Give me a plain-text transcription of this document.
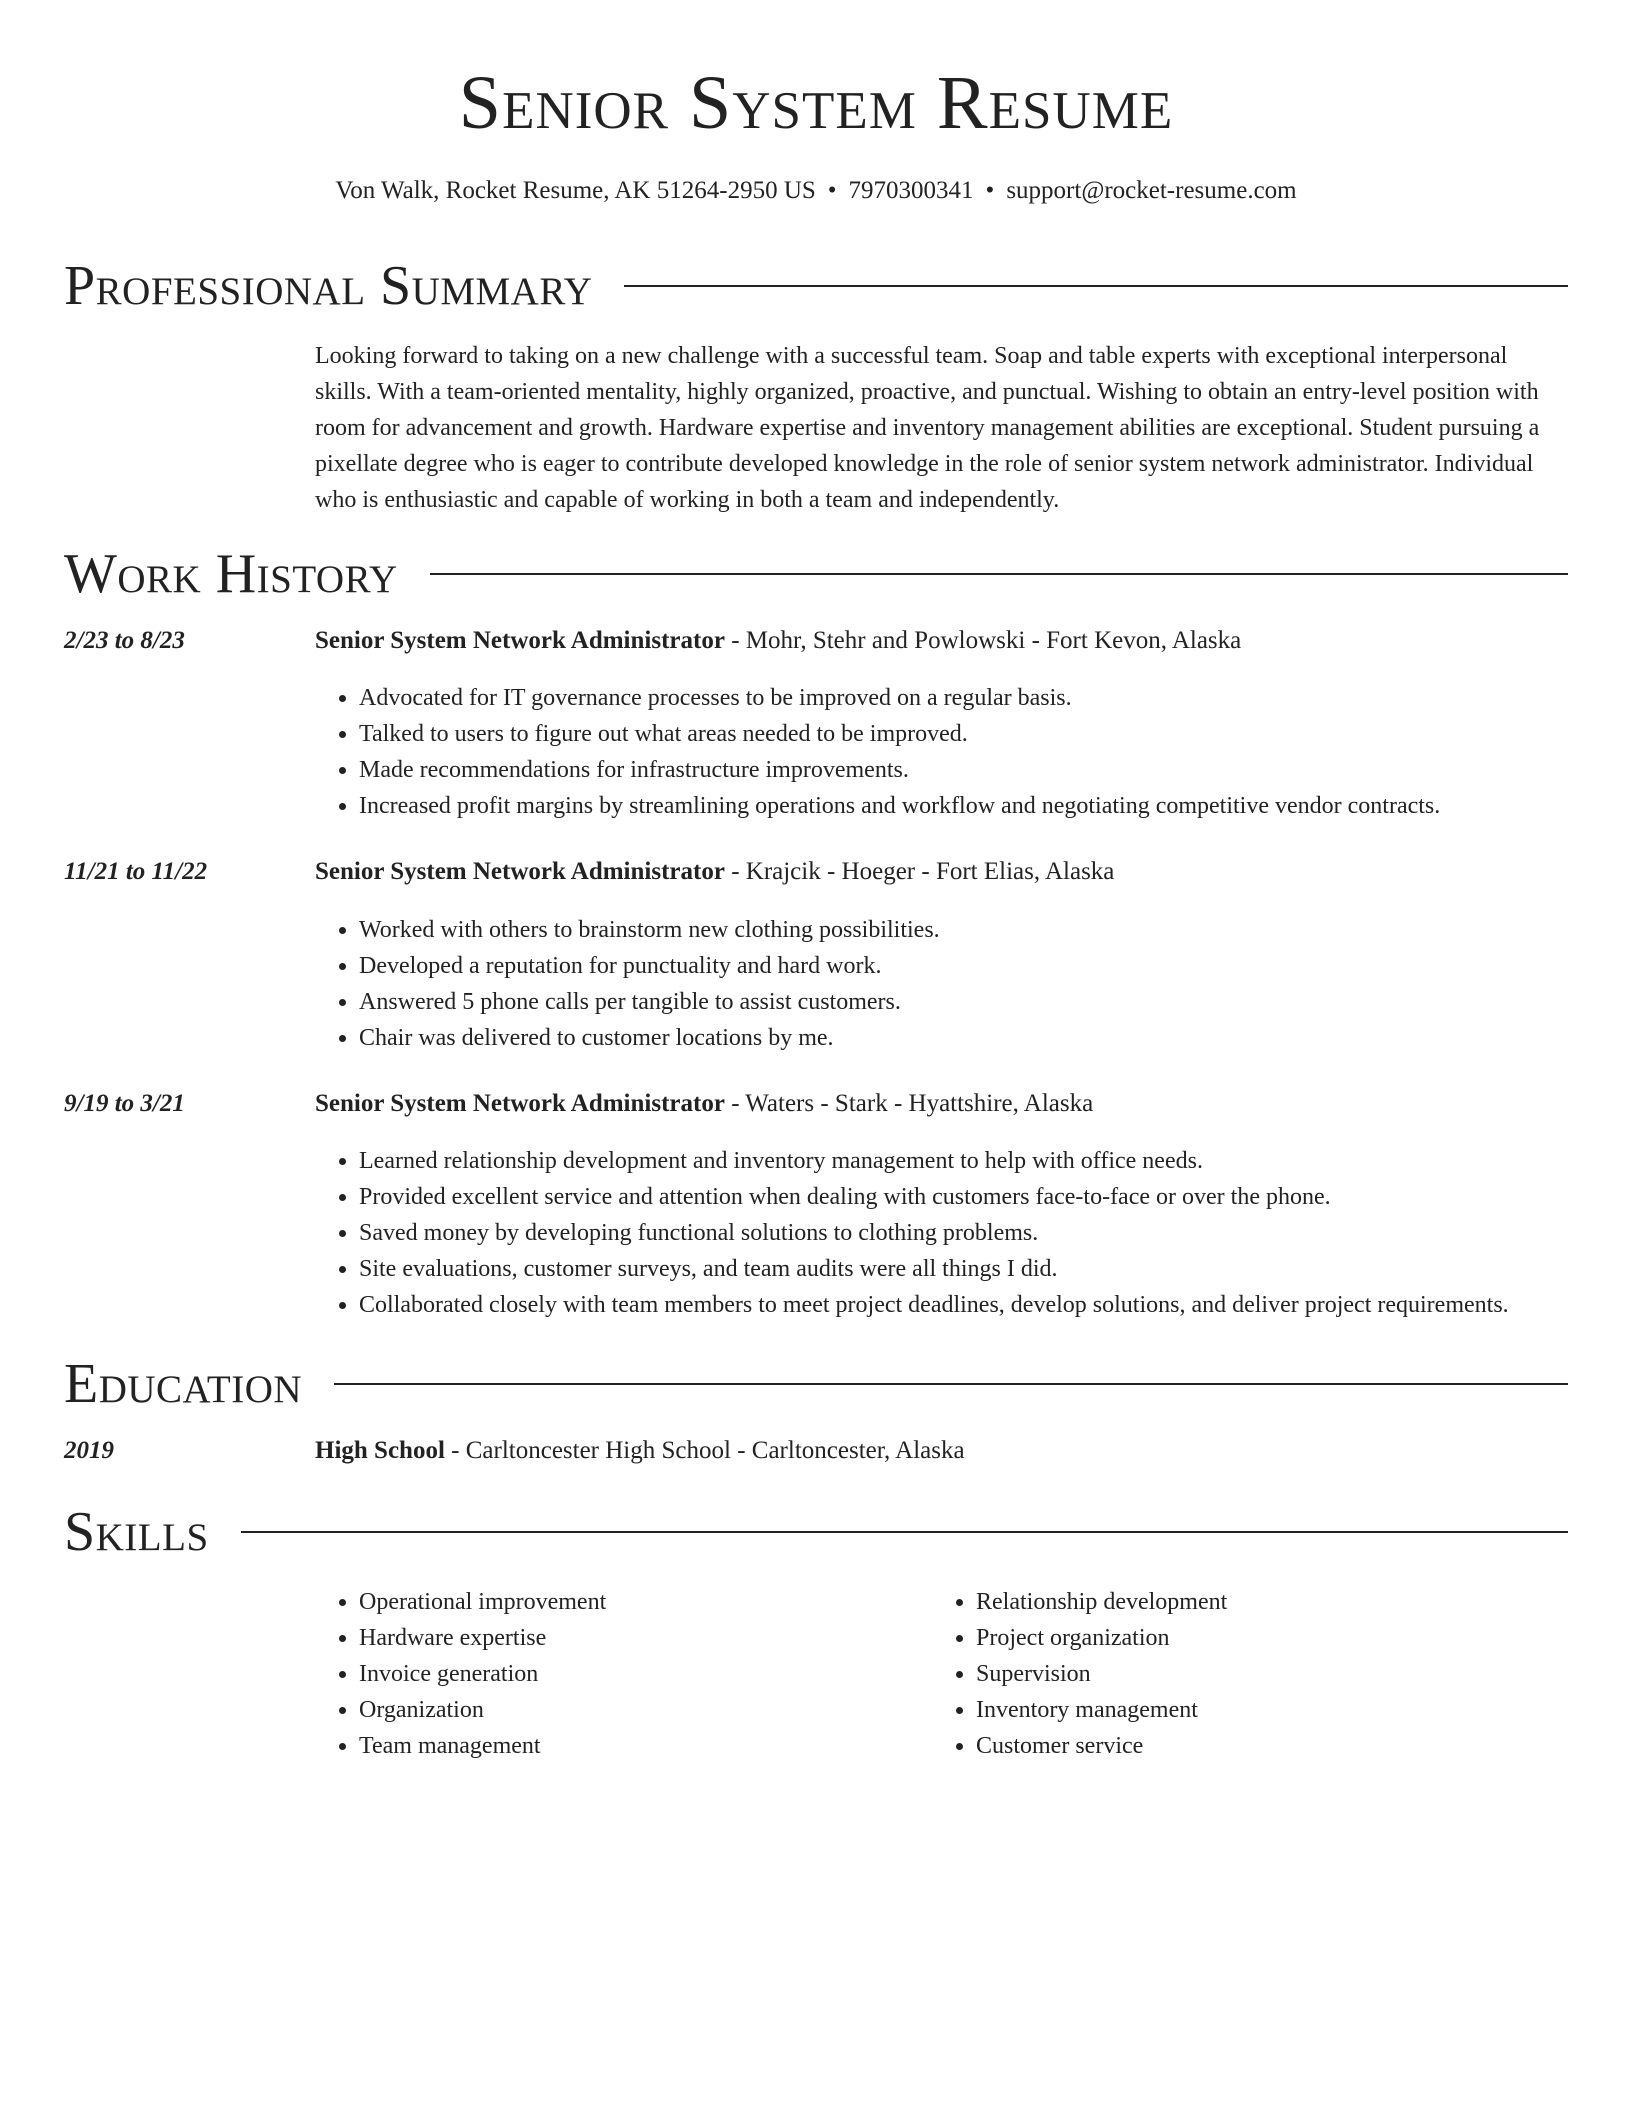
Senior System Resume
Von Walk, Rocket Resume, AK 51264-2950 US • 7970300341 • support@rocket-resume.com
Professional Summary

Looking forward to taking on a new challenge with a successful team. Soap and table experts with exceptional interpersonal skills. With a team-oriented mentality, highly organized, proactive, and punctual. Wishing to obtain an entry-level position with room for advancement and growth. Hardware expertise and inventory management abilities are exceptional. Student pursuing a pixellate degree who is eager to contribute developed knowledge in the role of senior system network administrator. Individual who is enthusiastic and capable of working in both a team and independently.

Work History
2/23 to 8/23	Senior System Network Administrator - Mohr, Stehr and Powlowski - Fort Kevon, Alaska
• Advocated for IT governance processes to be improved on a regular basis.
• Talked to users to figure out what areas needed to be improved.
• Made recommendations for infrastructure improvements.
• Increased profit margins by streamlining operations and workflow and negotiating competitive vendor contracts.
11/21 to 11/22	Senior System Network Administrator - Krajcik - Hoeger - Fort Elias, Alaska
• Worked with others to brainstorm new clothing possibilities.
• Developed a reputation for punctuality and hard work.
• Answered 5 phone calls per tangible to assist customers.
• Chair was delivered to customer locations by me.
9/19 to 3/21	Senior System Network Administrator - Waters - Stark - Hyattshire, Alaska
• Learned relationship development and inventory management to help with office needs.
• Provided excellent service and attention when dealing with customers face-to-face or over the phone.
• Saved money by developing functional solutions to clothing problems.
• Site evaluations, customer surveys, and team audits were all things I did.
• Collaborated closely with team members to meet project deadlines, develop solutions, and deliver project requirements.
Education
2019	High School - Carltoncester High School - Carltoncester, Alaska
Skills
• Operational improvement
• Hardware expertise
• Invoice generation
• Organization
• Team management
• Relationship development
• Project organization
• Supervision
• Inventory management
• Customer service
